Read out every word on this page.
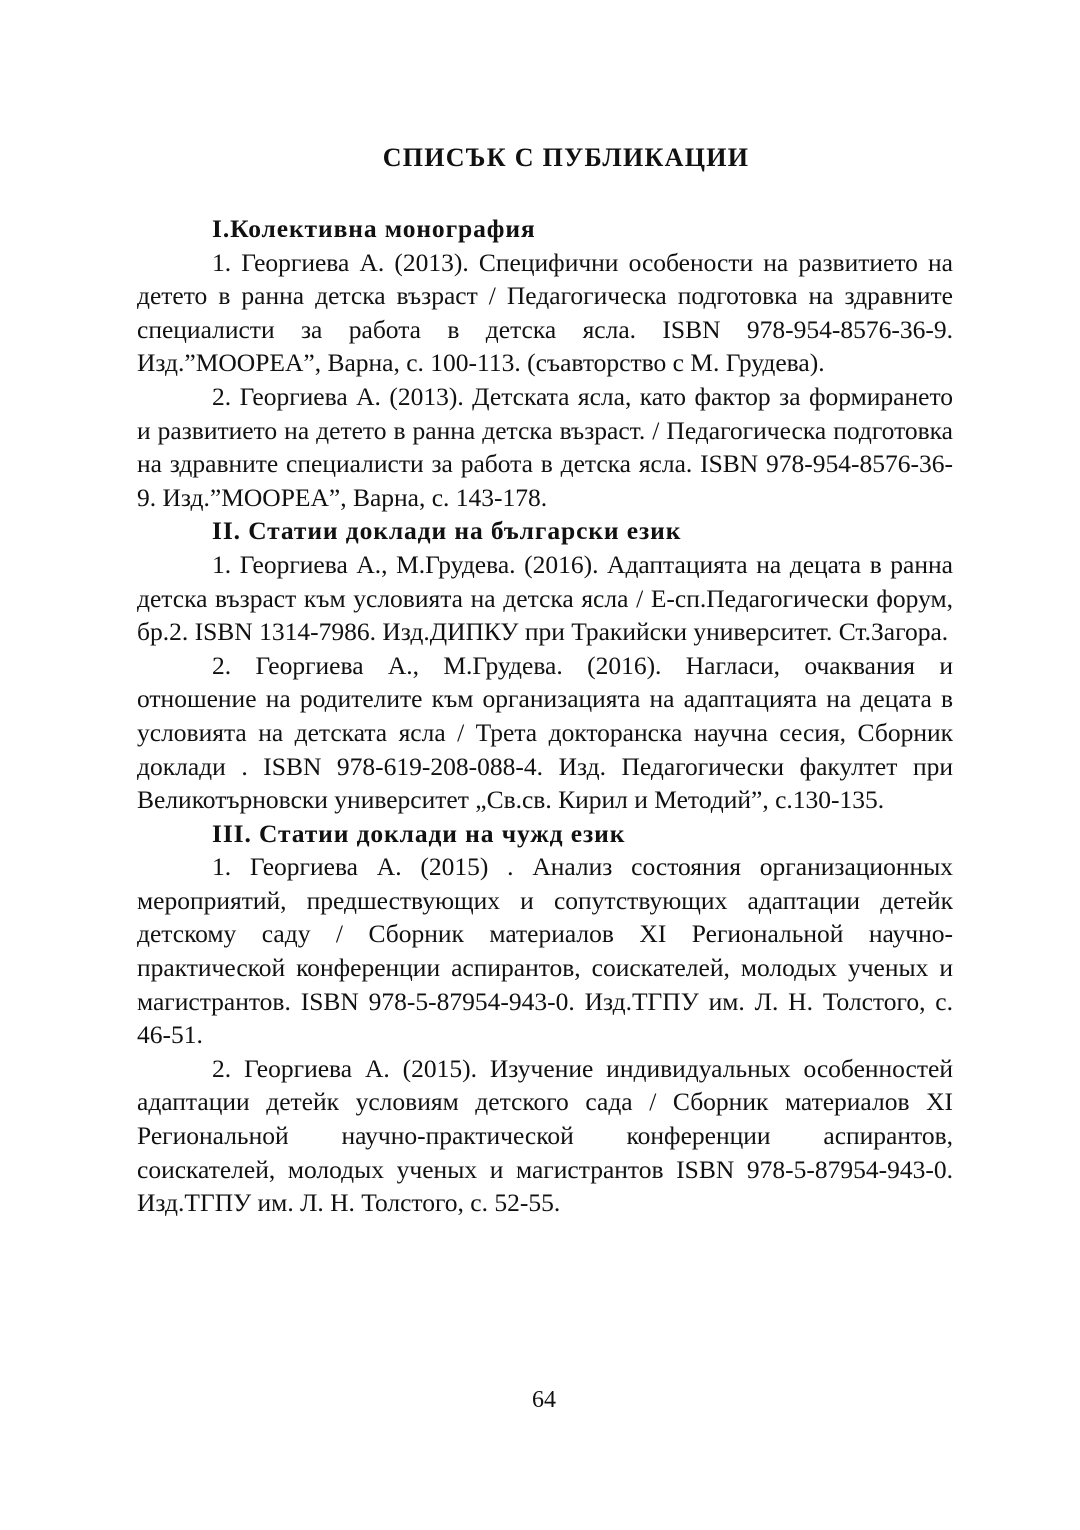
СПИСЪК С ПУБЛИКАЦИИ

I.Колективна монография

1. Георгиева А. (2013). Специфични особености на развитието на детето в ранна детска възраст / Педагогическа подготовка на здравните специалисти за работа в детска ясла. ISBN 978-954-8576-36-9. Изд.”МООРЕА”, Варна, с. 100-113. (съавторство с М. Грудева).

2. Георгиева А. (2013). Детската ясла, като фактор за формирането и развитието на детето в ранна детска възраст. / Педагогическа подготовка на здравните специалисти за работа в детска ясла. ISBN 978-954-8576-36-9. Изд.”МООРЕА”, Варна, с. 143-178.

II. Статии доклади на български език

1. Георгиева А., М.Грудева. (2016). Адаптацията на децата в ранна детска възраст към условията на детска ясла / Е-сп.Педагогически форум, бр.2. ISBN 1314-7986. Изд.ДИПКУ при Тракийски университет. Ст.Загора.

2. Георгиева А., М.Грудева. (2016). Нагласи, очаквания и отношение на родителите към организацията на адаптацията на децата в условията на детската ясла / Трета докторанска научна сесия, Сборник доклади . ISBN 978-619-208-088-4. Изд. Педагогически факултет при Великотърновски университет „Св.св. Кирил и Методий”, с.130-135.

III. Статии доклади на чужд език

1. Георгиева А. (2015) . Анализ состояния организационных мероприятий, предшествующих и сопутствующих адаптации детейк детскому саду / Сборник материалов XI Региональной научно-практической конференции аспирантов, соискателей, молодых ученых и магистрантов. ISBN 978-5-87954-943-0. Изд.ТГПУ им. Л. Н. Толстого, с. 46-51.

2. Георгиева А. (2015). Изучение индивидуальных особенностей адаптации детейк условиям детского сада / Сборник материалов XI Региональной научно-практической конференции аспирантов, соискателей, молодых ученых и магистрантов ISBN 978-5-87954-943-0. Изд.ТГПУ им. Л. Н. Толстого, с. 52-55.

64
